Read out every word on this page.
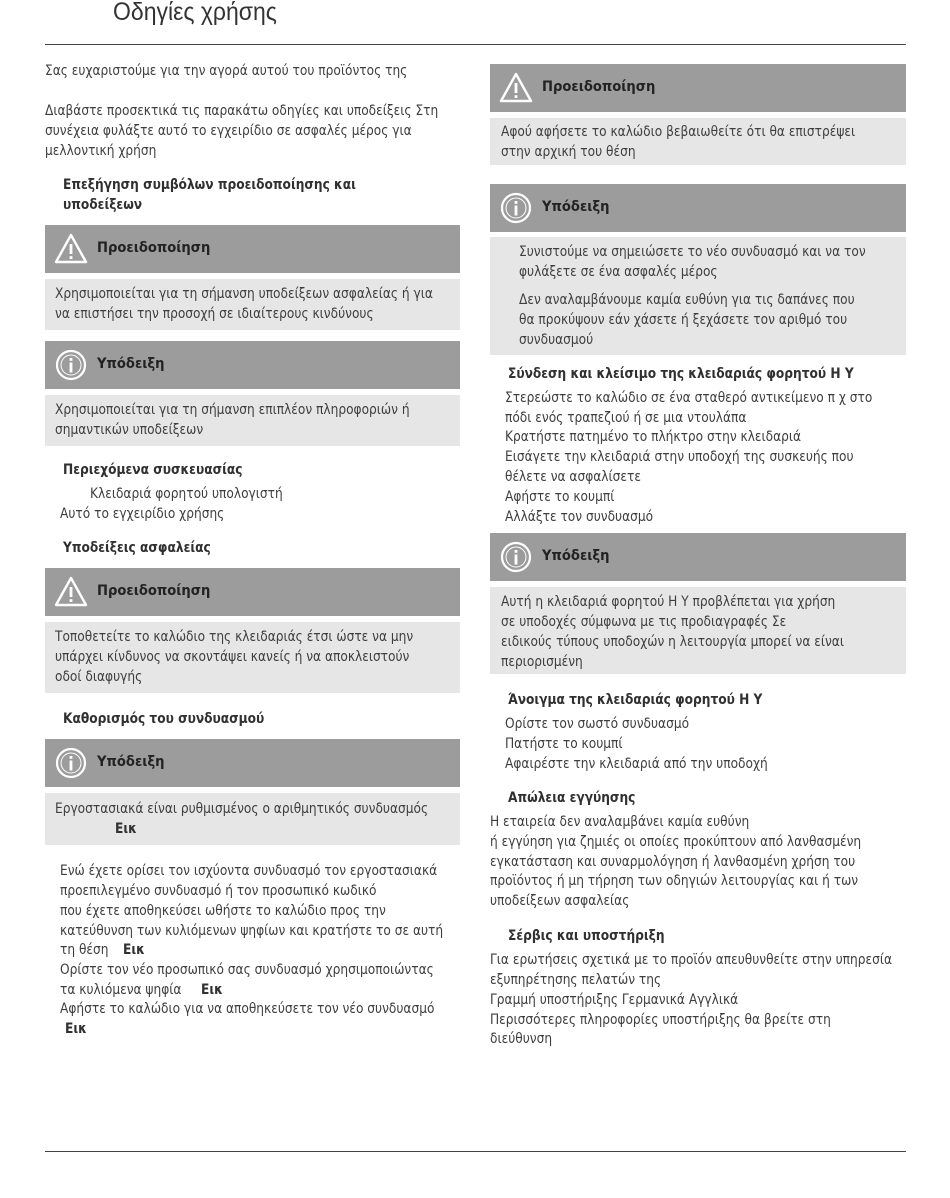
Οδηγίες χρήσης

Σας ευχαριστούμε για την αγορά αυτού του προϊόντος της

Διαβάστε προσεκτικά τις παρακάτω οδηγίες και υποδείξεις Στη

συνέχεια φυλάξτε αυτό το εγχειρίδιο σε ασφαλές μέρος για

μελλοντική χρήση

Επεξήγηση συμβόλων προειδοποίησης και

υποδείξεων

Προειδοποίηση

Χρησιμοποιείται για τη σήμανση υποδείξεων ασφαλείας ή για

να επιστήσει την προσοχή σε ιδιαίτερους κινδύνους

Υπόδειξη

Χρησιμοποιείται για τη σήμανση επιπλέον πληροφοριών ή

σημαντικών υποδείξεων

Περιεχόμενα συσκευασίας

Κλειδαριά φορητού υπολογιστή

Αυτό το εγχειρίδιο χρήσης

Υποδείξεις ασφαλείας

Προειδοποίηση

Τοποθετείτε το καλώδιο της κλειδαριάς έτσι ώστε να μην

υπάρχει κίνδυνος να σκοντάψει κανείς ή να αποκλειστούν

οδοί διαφυγής

Καθορισμός του συνδυασμού

Υπόδειξη

Εργοστασιακά είναι ρυθμισμένος ο αριθμητικός συνδυασμός

Εικ

Ενώ έχετε ορίσει τον ισχύοντα συνδυασμό τον εργοστασιακά

προεπιλεγμένο συνδυασμό ή τον προσωπικό κωδικό

που έχετε αποθηκεύσει ωθήστε το καλώδιο προς την

κατεύθυνση των κυλιόμενων ψηφίων και κρατήστε το σε αυτή

τη θέση Εικ

Ορίστε τον νέο προσωπικό σας συνδυασμό χρησιμοποιώντας

τα κυλιόμενα ψηφία Εικ

Αφήστε το καλώδιο για να αποθηκεύσετε τον νέο συνδυασμό

Εικ

Προειδοποίηση

Αφού αφήσετε το καλώδιο βεβαιωθείτε ότι θα επιστρέψει

στην αρχική του θέση

Υπόδειξη

Συνιστούμε να σημειώσετε το νέο συνδυασμό και να τον

φυλάξετε σε ένα ασφαλές μέρος

Δεν αναλαμβάνουμε καμία ευθύνη για τις δαπάνες που

θα προκύψουν εάν χάσετε ή ξεχάσετε τον αριθμό του

συνδυασμού

Σύνδεση και κλείσιμο της κλειδαριάς φορητού Η Υ

Στερεώστε το καλώδιο σε ένα σταθερό αντικείμενο π χ στο

πόδι ενός τραπεζιού ή σε μια ντουλάπα

Κρατήστε πατημένο το πλήκτρο στην κλειδαριά

Εισάγετε την κλειδαριά στην υποδοχή της συσκευής που

θέλετε να ασφαλίσετε

Αφήστε το κουμπί

Αλλάξτε τον συνδυασμό

Υπόδειξη

Αυτή η κλειδαριά φορητού Η Υ προβλέπεται για χρήση

σε υποδοχές σύμφωνα με τις προδιαγραφές Σε

ειδικούς τύπους υποδοχών η λειτουργία μπορεί να είναι

περιορισμένη

Άνοιγμα της κλειδαριάς φορητού Η Υ

Ορίστε τον σωστό συνδυασμό

Πατήστε το κουμπί

Αφαιρέστε την κλειδαριά από την υποδοχή

Απώλεια εγγύησης

Η εταιρεία δεν αναλαμβάνει καμία ευθύνη

ή εγγύηση για ζημιές οι οποίες προκύπτουν από λανθασμένη

εγκατάσταση και συναρμολόγηση ή λανθασμένη χρήση του

προϊόντος ή μη τήρηση των οδηγιών λειτουργίας και ή των

υποδείξεων ασφαλείας

Σέρβις και υποστήριξη

Για ερωτήσεις σχετικά με το προϊόν απευθυνθείτε στην υπηρεσία

εξυπηρέτησης πελατών της

Γραμμή υποστήριξης Γερμανικά Αγγλικά

Περισσότερες πληροφορίες υποστήριξης θα βρείτε στη

διεύθυνση
